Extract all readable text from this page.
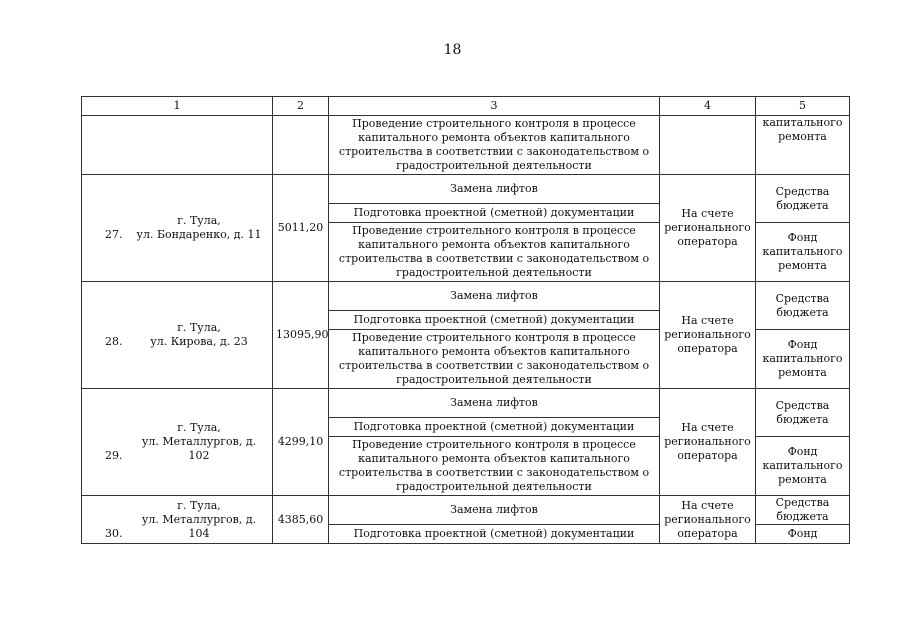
18
1	2	3	4	5
		Проведение строительного контроля в процессе капитального ремонта объектов капитального строительства в соответствии с законодательством о градостроительной деятельности		капитального ремонта
27.
г. Тула,
ул. Бондаренко, д. 11	5011,20	Замена лифтов	На счете регионального оператора	Средства бюджета
		Подготовка проектной (сметной) документации		
		Проведение строительного контроля в процессе капитального ремонта объектов капитального строительства в соответствии с законодательством о градостроительной деятельности		Фонд капитального ремонта
28.
г. Тула,
ул. Кирова, д. 23	13095,90	Замена лифтов	На счете регионального оператора	Средства бюджета
		Подготовка проектной (сметной) документации		
		Проведение строительного контроля в процессе капитального ремонта объектов капитального строительства в соответствии с законодательством о градостроительной деятельности		Фонд капитального ремонта
29.
г. Тула,
ул. Металлургов, д. 102	4299,10	Замена лифтов	На счете регионального оператора	Средства бюджета
		Подготовка проектной (сметной) документации		
		Проведение строительного контроля в процессе капитального ремонта объектов капитального строительства в соответствии с законодательством о градостроительной деятельности		Фонд капитального ремонта
30.
г. Тула,
ул. Металлургов, д. 104	4385,60	Замена лифтов	На счете регионального оператора	Средства бюджета
		Подготовка проектной (сметной) документации		Фонд
